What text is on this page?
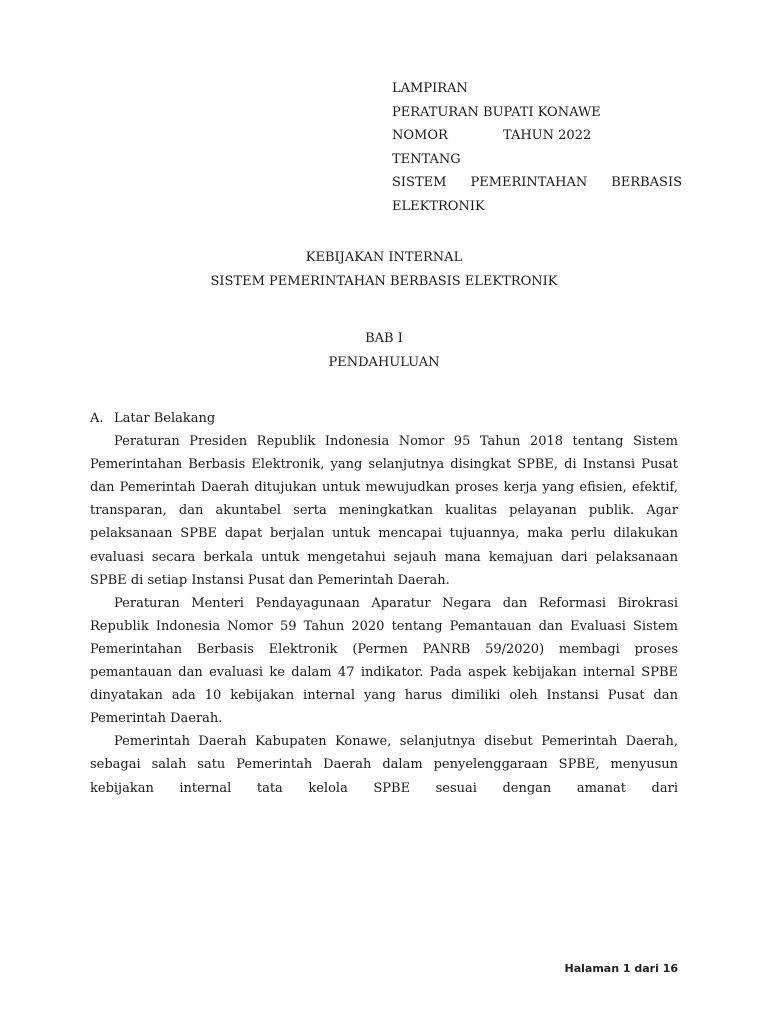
LAMPIRAN
PERATURAN BUPATI KONAWE
NOMOR	TAHUN 2022
TENTANG
SISTEM PEMERINTAHAN BERBASIS
ELEKTRONIK
KEBIJAKAN INTERNAL
SISTEM PEMERINTAHAN BERBASIS ELEKTRONIK
BAB I
PENDAHULUAN
A. Latar Belakang

Peraturan Presiden Republik Indonesia Nomor 95 Tahun 2018 tentang Sistem Pemerintahan Berbasis Elektronik, yang selanjutnya disingkat SPBE, di Instansi Pusat dan Pemerintah Daerah ditujukan untuk mewujudkan proses kerja yang efisien, efektif, transparan, dan akuntabel serta meningkatkan kualitas pelayanan publik. Agar pelaksanaan SPBE dapat berjalan untuk mencapai tujuannya, maka perlu dilakukan evaluasi secara berkala untuk mengetahui sejauh mana kemajuan dari pelaksanaan SPBE di setiap Instansi Pusat dan Pemerintah Daerah.

Peraturan Menteri Pendayagunaan Aparatur Negara dan Reformasi Birokrasi Republik Indonesia Nomor 59 Tahun 2020 tentang Pemantauan dan Evaluasi Sistem Pemerintahan Berbasis Elektronik (Permen PANRB 59/2020) membagi proses pemantauan dan evaluasi ke dalam 47 indikator. Pada aspek kebijakan internal SPBE dinyatakan ada 10 kebijakan internal yang harus dimiliki oleh Instansi Pusat dan Pemerintah Daerah.

Pemerintah Daerah Kabupaten Konawe, selanjutnya disebut Pemerintah Daerah, sebagai salah satu Pemerintah Daerah dalam penyelenggaraan SPBE, menyusun kebijakan internal tata kelola SPBE sesuai dengan amanat dari

Halaman 1 dari 16
